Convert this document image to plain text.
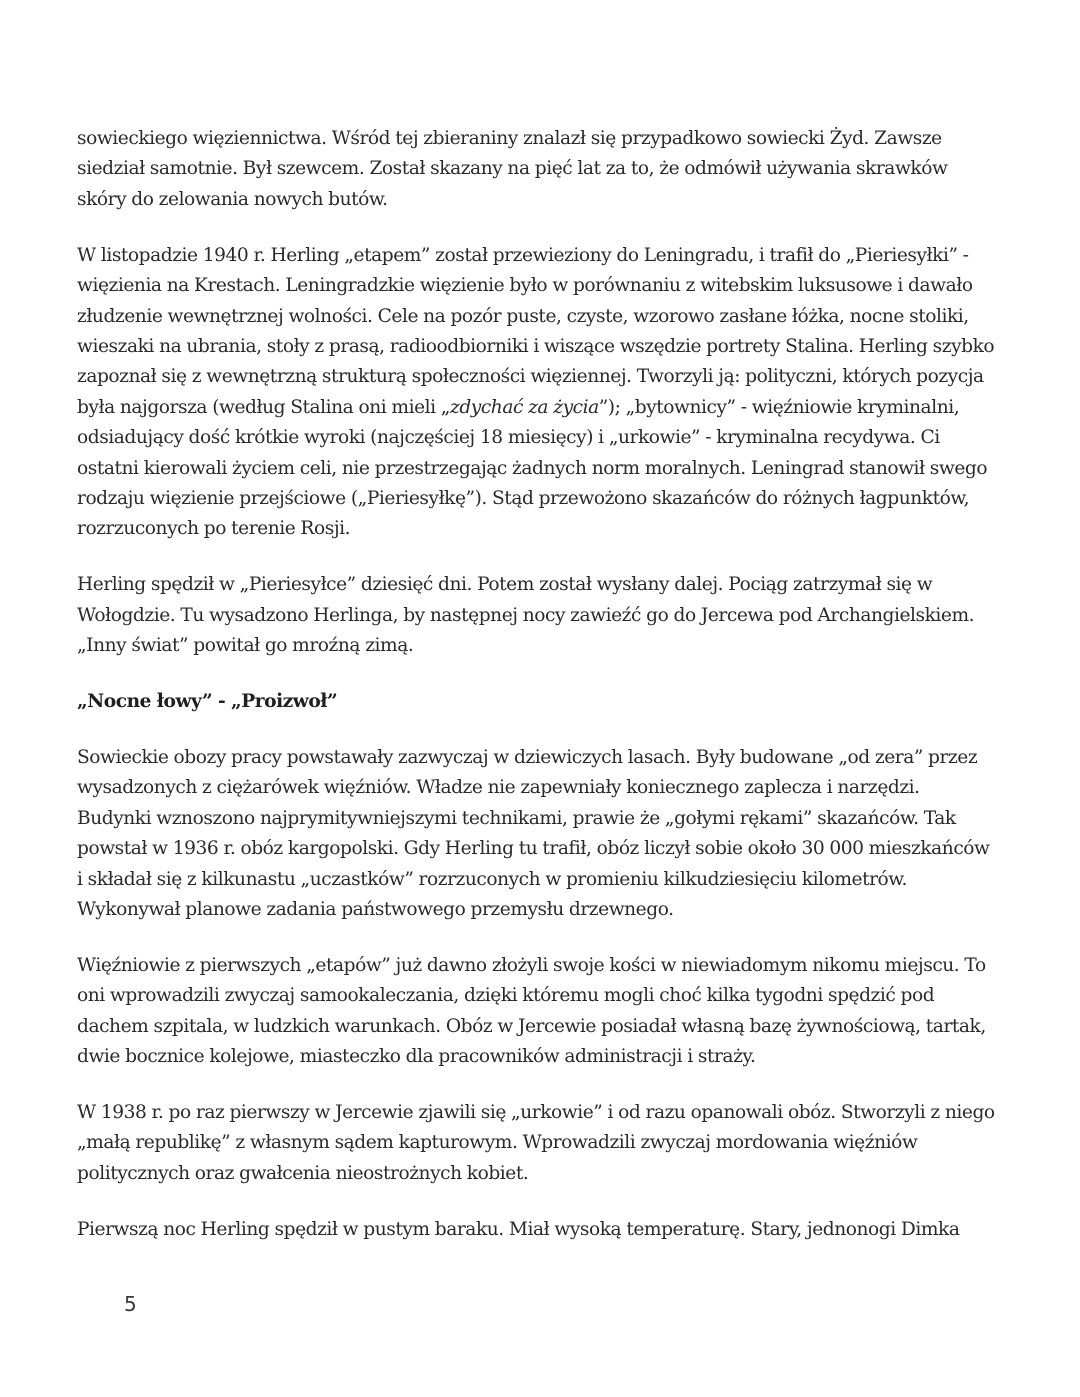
sowieckiego więziennictwa. Wśród tej zbieraniny znalazł się przypadkowo sowiecki Żyd. Zawsze siedział samotnie. Był szewcem. Został skazany na pięć lat za to, że odmówił używania skrawków skóry do zelowania nowych butów.

W listopadzie 1940 r. Herling „etapem” został przewieziony do Leningradu, i trafił do „Pieriesyłki” - więzienia na Krestach. Leningradzkie więzienie było w porównaniu z witebskim luksusowe i dawało złudzenie wewnętrznej wolności. Cele na pozór puste, czyste, wzorowo zasłane łóżka, nocne stoliki, wieszaki na ubrania, stoły z prasą, radioodbiorniki i wiszące wszędzie portrety Stalina. Herling szybko zapoznał się z wewnętrzną strukturą społeczności więziennej. Tworzyli ją: polityczni, których pozycja była najgorsza (według Stalina oni mieli „zdychać za życia”); „bytownicy” - więźniowie kryminalni, odsiadujący dość krótkie wyroki (najczęściej 18 miesięcy) i „urkowie” - kryminalna recydywa. Ci ostatni kierowali życiem celi, nie przestrzegając żadnych norm moralnych. Leningrad stanowił swego rodzaju więzienie przejściowe („Pieriesyłkę”). Stąd przewożono skazańców do różnych łagpunktów, rozrzuconych po terenie Rosji.

Herling spędził w „Pieriesyłce” dziesięć dni. Potem został wysłany dalej. Pociąg zatrzymał się w Wołogdzie. Tu wysadzono Herlinga, by następnej nocy zawieźć go do Jercewa pod Archangielskiem. „Inny świat” powitał go mroźną zimą.

„Nocne łowy” - „Proizwoł”

Sowieckie obozy pracy powstawały zazwyczaj w dziewiczych lasach. Były budowane „od zera” przez wysadzonych z ciężarówek więźniów. Władze nie zapewniały koniecznego zaplecza i narzędzi. Budynki wznoszono najprymitywniejszymi technikami, prawie że „gołymi rękami” skazańców. Tak powstał w 1936 r. obóz kargopolski. Gdy Herling tu trafił, obóz liczył sobie około 30 000 mieszkańców i składał się z kilkunastu „uczastków” rozrzuconych w promieniu kilkudziesięciu kilometrów. Wykonywał planowe zadania państwowego przemysłu drzewnego.

Więźniowie z pierwszych „etapów” już dawno złożyli swoje kości w niewiadomym nikomu miejscu. To oni wprowadzili zwyczaj samookaleczania, dzięki któremu mogli choć kilka tygodni spędzić pod dachem szpitala, w ludzkich warunkach. Obóz w Jercewie posiadał własną bazę żywnościową, tartak, dwie bocznice kolejowe, miasteczko dla pracowników administracji i straży.

W 1938 r. po raz pierwszy w Jercewie zjawili się „urkowie” i od razu opanowali obóz. Stworzyli z niego „małą republikę” z własnym sądem kapturowym. Wprowadzili zwyczaj mordowania więźniów politycznych oraz gwałcenia nieostrożnych kobiet.

Pierwszą noc Herling spędził w pustym baraku. Miał wysoką temperaturę. Stary, jednonogi Dimka

5
